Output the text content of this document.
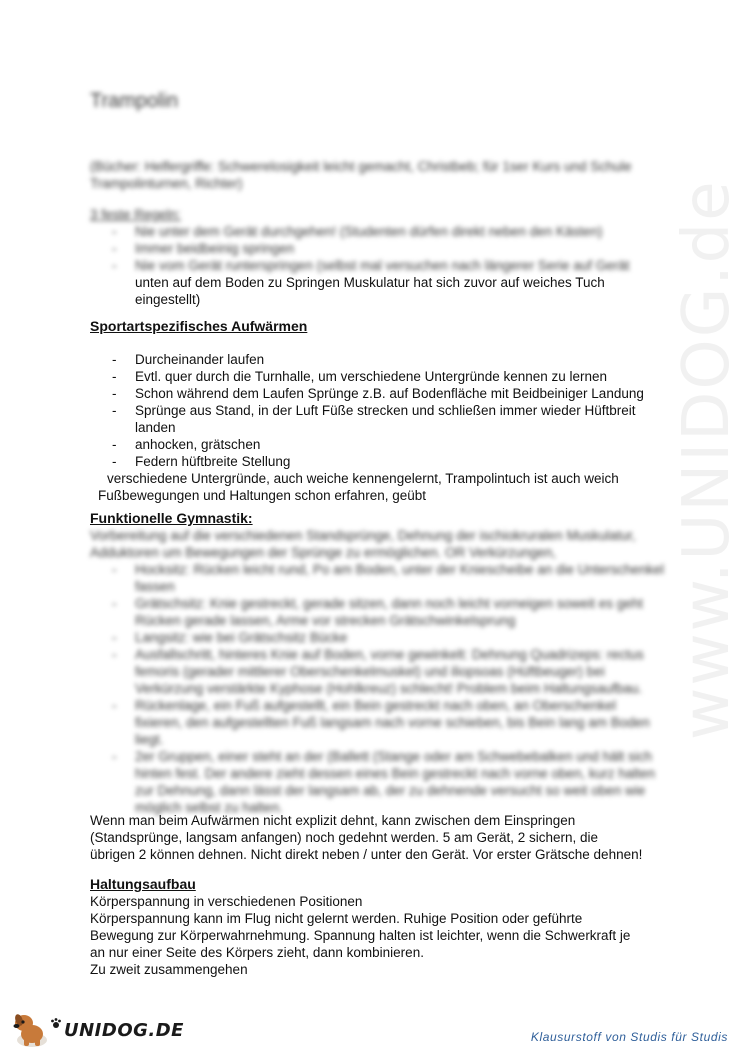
www.UNIDOG.de
Trampolin
(Bücher: Helfergriffe: Schwerelosigkeit leicht gemacht, Christbeb; für 1ser Kurs und Schule
Trampolinturnen, Richter)
3 feste Regeln:
- Nie unter dem Gerät durchgehen! (Studenten dürfen direkt neben den Kästen)
- Immer beidbeinig springen
- Nie vom Gerät runterspringen (selbst mal versuchen nach längerer Serie auf Gerät
unten auf dem Boden zu Springen Muskulatur hat sich zuvor auf weiches Tuch
eingestellt)
Sportartspezifisches Aufwärmen
- Durcheinander laufen
- Evtl. quer durch die Turnhalle, um verschiedene Untergründe kennen zu lernen
- Schon während dem Laufen Sprünge z.B. auf Bodenfläche mit Beidbeiniger Landung
- Sprünge aus Stand, in der Luft Füße strecken und schließen immer wieder Hüftbreit landen
- anhocken, grätschen
- Federn hüftbreite Stellung
verschiedene Untergründe, auch weiche kennengelernt, Trampolintuch ist auch weich
Fußbewegungen und Haltungen schon erfahren, geübt
Funktionelle Gymnastik:
Vorbereitung auf die verschiedenen Standsprünge, Dehnung der ischiokruralen Muskulatur,
Adduktoren um Bewegungen der Sprünge zu ermöglichen. OR Verkürzungen,
- Hocksitz: Rücken leicht rund, Po am Boden, unter der Kniescheibe an die Unterschenkel fassen
- Grätschsitz: Knie gestreckt, gerade sitzen, dann noch leicht vorneigen soweit es geht Rücken gerade lassen, Arme vor strecken Grätschwinkelsprung
- Langsitz: wie bei Grätschsitz Bücke
- Ausfallschritt, hinteres Knie auf Boden, vorne gewinkelt: Dehnung Quadrizeps: rectus femoris (gerader mittlerer Oberschenkelmuskel) und iliopsoas (Hüftbeuger) bei Verkürzung verstärkte Kyphose (Hohlkreuz) schlecht! Problem beim Haltungsaufbau.
- Rückenlage, ein Fuß aufgestellt, ein Bein gestreckt nach oben, an Oberschenkel fixieren, den aufgestellten Fuß langsam nach vorne schieben, bis Bein lang am Boden liegt.
- 2er Gruppen, einer steht an der (Ballett (Stange oder am Schwebebalken und hält sich hinten fest. Der andere zieht dessen eines Bein gestreckt nach vorne oben, kurz halten zur Dehnung, dann lässt der langsam ab, der zu dehnende versucht so weit oben wie möglich selbst zu halten.
Wenn man beim Aufwärmen nicht explizit dehnt, kann zwischen dem Einspringen
(Standsprünge, langsam anfangen) noch gedehnt werden. 5 am Gerät, 2 sichern, die
übrigen 2 können dehnen. Nicht direkt neben / unter den Gerät. Vor erster Grätsche dehnen!
Haltungsaufbau
Körperspannung in verschiedenen Positionen
Körperspannung kann im Flug nicht gelernt werden. Ruhige Position oder geführte
Bewegung zur Körperwahrnehmung. Spannung halten ist leichter, wenn die Schwerkraft je
an nur einer Seite des Körpers zieht, dann kombinieren.
Zu zweit zusammengehen
UNIDOG.DE	Klausurstoff von Studis für Studis
